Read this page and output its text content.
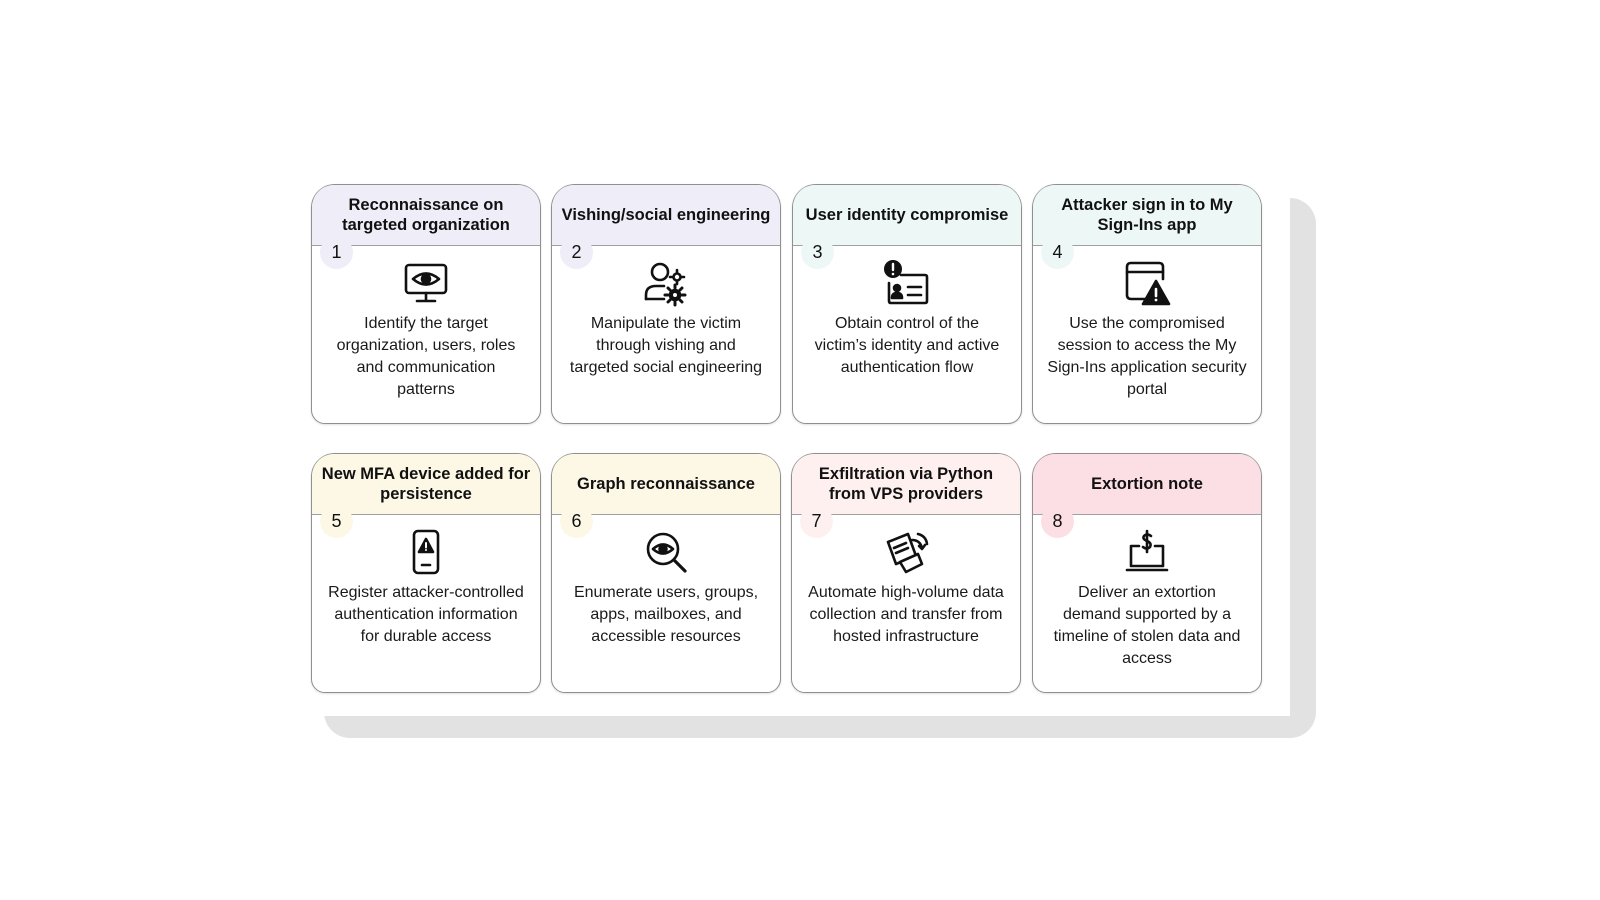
Reconnaissance on targeted organization
1
Identify the target organization, users, roles and communication patterns
Vishing/social engineering
2
Manipulate the victim through vishing and targeted social engineering
User identity compromise
3
Obtain control of the victim’s identity and active authentication flow
Attacker sign in to My Sign-Ins app
4
Use the compromised session to access the My Sign-Ins application security portal
New MFA device added for persistence
5
Register attacker-controlled authentication information for durable access
Graph reconnaissance
6
Enumerate users, groups, apps, mailboxes, and accessible resources
Exfiltration via Python from VPS providers
7
Automate high-volume data collection and transfer from hosted infrastructure
Extortion note
8
Deliver an extortion demand supported by a timeline of stolen data and access
